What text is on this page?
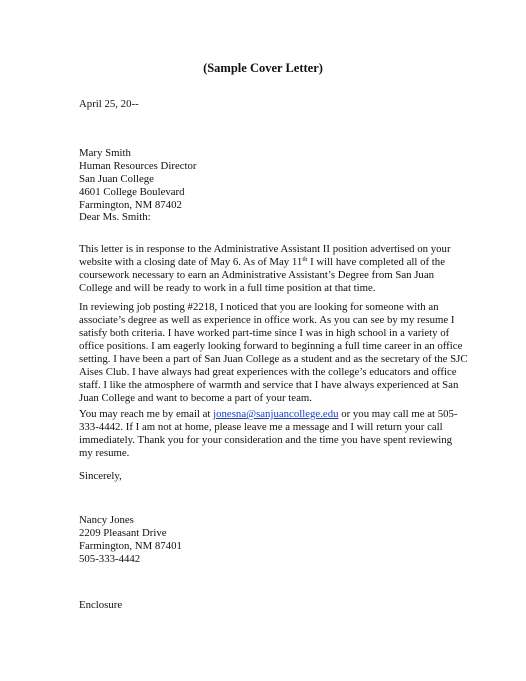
(Sample Cover Letter)
April 25, 20--
Mary Smith
Human Resources Director
San Juan College
4601 College Boulevard
Farmington, NM 87402
Dear Ms. Smith:
This letter is in response to the Administrative Assistant II position advertised on your
website with a closing date of May 6. As of May 11th I will have completed all of the
coursework necessary to earn an Administrative Assistant’s Degree from San Juan
College and will be ready to work in a full time position at that time.
In reviewing job posting #2218, I noticed that you are looking for someone with an
associate’s degree as well as experience in office work. As you can see by my resume I
satisfy both criteria. I have worked part-time since I was in high school in a variety of
office positions. I am eagerly looking forward to beginning a full time career in an office
setting. I have been a part of San Juan College as a student and as the secretary of the SJC
Aises Club. I have always had great experiences with the college’s educators and office
staff. I like the atmosphere of warmth and service that I have always experienced at San
Juan College and want to become a part of your team.
You may reach me by email at jonesna@sanjuancollege.edu or you may call me at 505-
333-4442. If I am not at home, please leave me a message and I will return your call
immediately. Thank you for your consideration and the time you have spent reviewing
my resume.
Sincerely,
Nancy Jones
2209 Pleasant Drive
Farmington, NM 87401
505-333-4442
Enclosure
